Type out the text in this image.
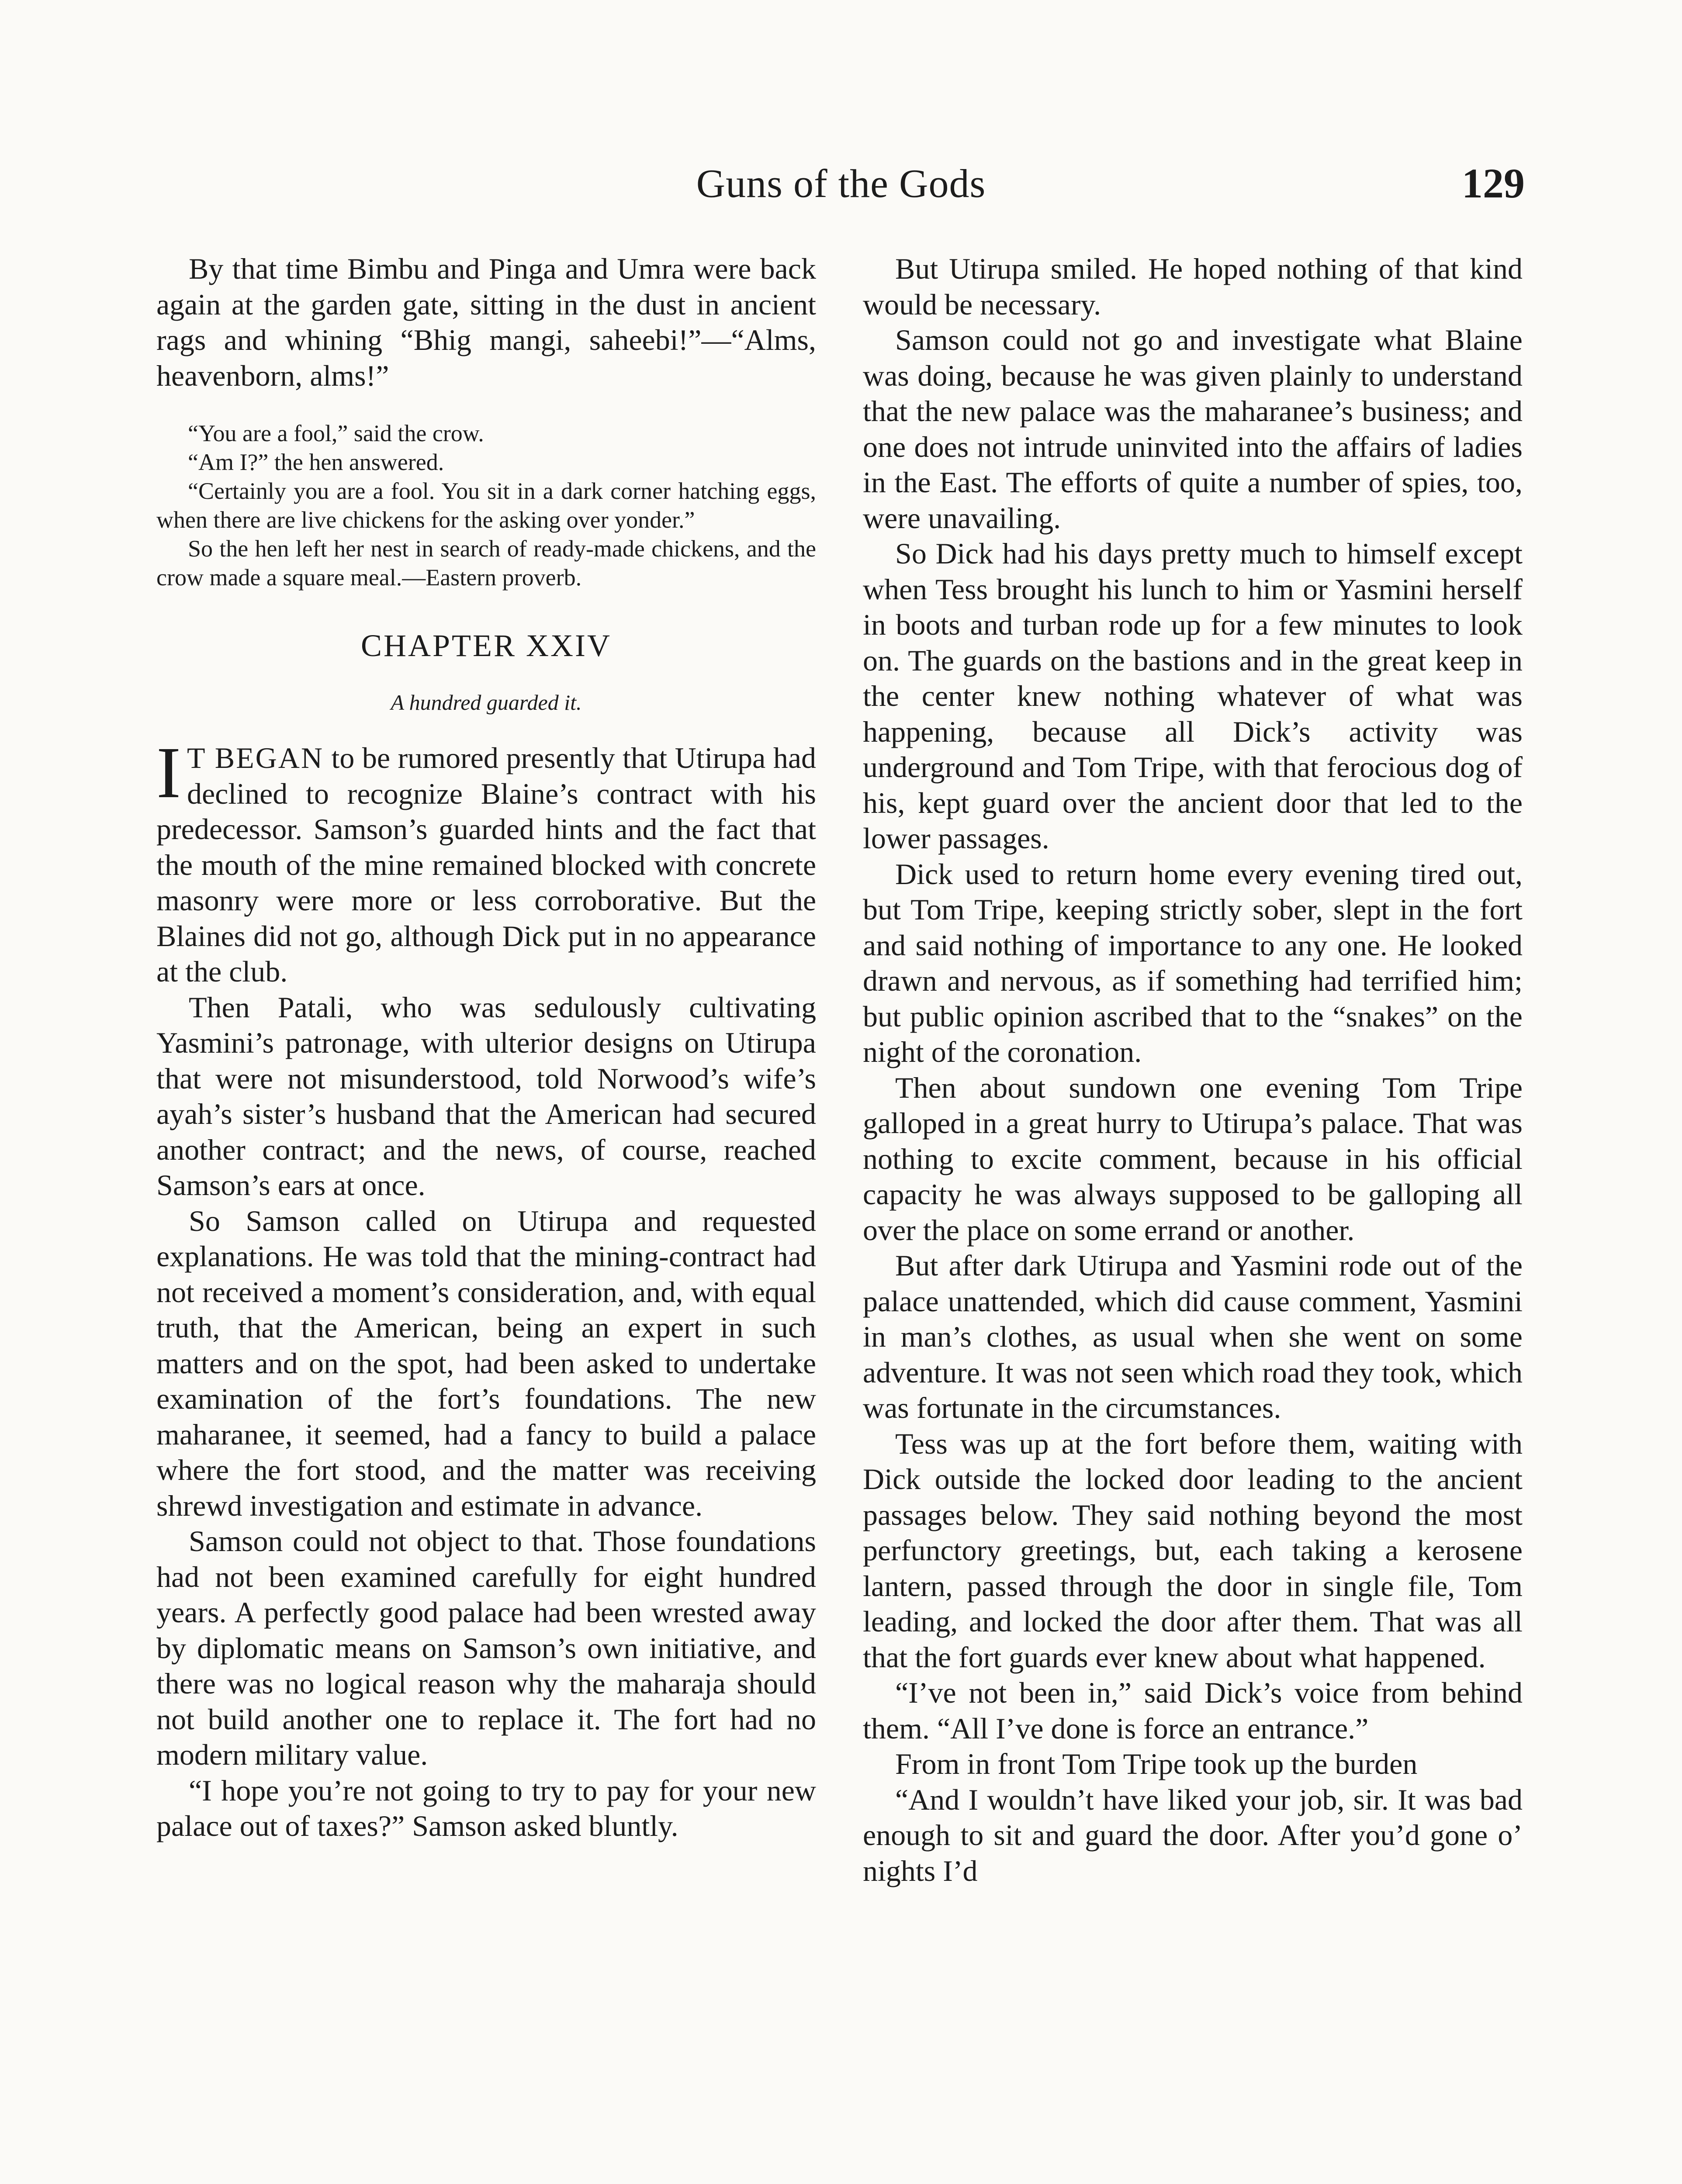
Guns of the Gods	129

By that time Bimbu and Pinga and Umra were back again at the garden gate, sitting in the dust in ancient rags and whining “Bhig mangi, saheebi!”—“Alms, heavenborn, alms!”

“You are a fool,” said the crow.

“Am I?” the hen answered.

“Certainly you are a fool. You sit in a dark corner hatching eggs, when there are live chickens for the asking over yonder.”

So the hen left her nest in search of ready-made chickens, and the crow made a square meal.—Eastern proverb.

CHAPTER XXIV
A hundred guarded it.

I T BEGAN to be rumored presently that Utirupa had declined to recognize Blaine’s contract with his predecessor. Samson’s guarded hints and the fact that the mouth of the mine remained blocked with concrete masonry were more or less corroborative. But the Blaines did not go, although Dick put in no appearance at the club.

Then Patali, who was sedulously cultivating Yasmini’s patronage, with ulterior designs on Utirupa that were not misunderstood, told Norwood’s wife’s ayah’s sister’s husband that the American had secured another contract; and the news, of course, reached Samson’s ears at once.

So Samson called on Utirupa and requested explanations. He was told that the mining-contract had not received a moment’s consideration, and, with equal truth, that the American, being an expert in such matters and on the spot, had been asked to undertake examination of the fort’s foundations. The new maharanee, it seemed, had a fancy to build a palace where the fort stood, and the matter was receiving shrewd investigation and estimate in advance.

Samson could not object to that. Those foundations had not been examined carefully for eight hundred years. A perfectly good palace had been wrested away by diplomatic means on Samson’s own initiative, and there was no logical reason why the maharaja should not build another one to replace it. The fort had no modern military value.

“I hope you’re not going to try to pay for your new palace out of taxes?” Samson asked bluntly.

But Utirupa smiled. He hoped nothing of that kind would be necessary.

Samson could not go and investigate what Blaine was doing, because he was given plainly to understand that the new palace was the maharanee’s business; and one does not intrude uninvited into the affairs of ladies in the East. The efforts of quite a number of spies, too, were unavailing.

So Dick had his days pretty much to himself except when Tess brought his lunch to him or Yasmini herself in boots and turban rode up for a few minutes to look on. The guards on the bastions and in the great keep in the center knew nothing whatever of what was happening, because all Dick’s activity was underground and Tom Tripe, with that ferocious dog of his, kept guard over the ancient door that led to the lower passages.

Dick used to return home every evening tired out, but Tom Tripe, keeping strictly sober, slept in the fort and said nothing of importance to any one. He looked drawn and nervous, as if something had terrified him; but public opinion ascribed that to the “snakes” on the night of the coronation.

Then about sundown one evening Tom Tripe galloped in a great hurry to Utirupa’s palace. That was nothing to excite comment, because in his official capacity he was always supposed to be galloping all over the place on some errand or another.

But after dark Utirupa and Yasmini rode out of the palace unattended, which did cause comment, Yasmini in man’s clothes, as usual when she went on some adventure. It was not seen which road they took, which was fortunate in the circumstances.

Tess was up at the fort before them, waiting with Dick outside the locked door leading to the ancient passages below. They said nothing beyond the most perfunctory greetings, but, each taking a kerosene lantern, passed through the door in single file, Tom leading, and locked the door after them. That was all that the fort guards ever knew about what happened.

“I’ve not been in,” said Dick’s voice from behind them. “All I’ve done is force an entrance.”

From in front Tom Tripe took up the burden

“And I wouldn’t have liked your job, sir. It was bad enough to sit and guard the door. After you’d gone o’ nights I’d
